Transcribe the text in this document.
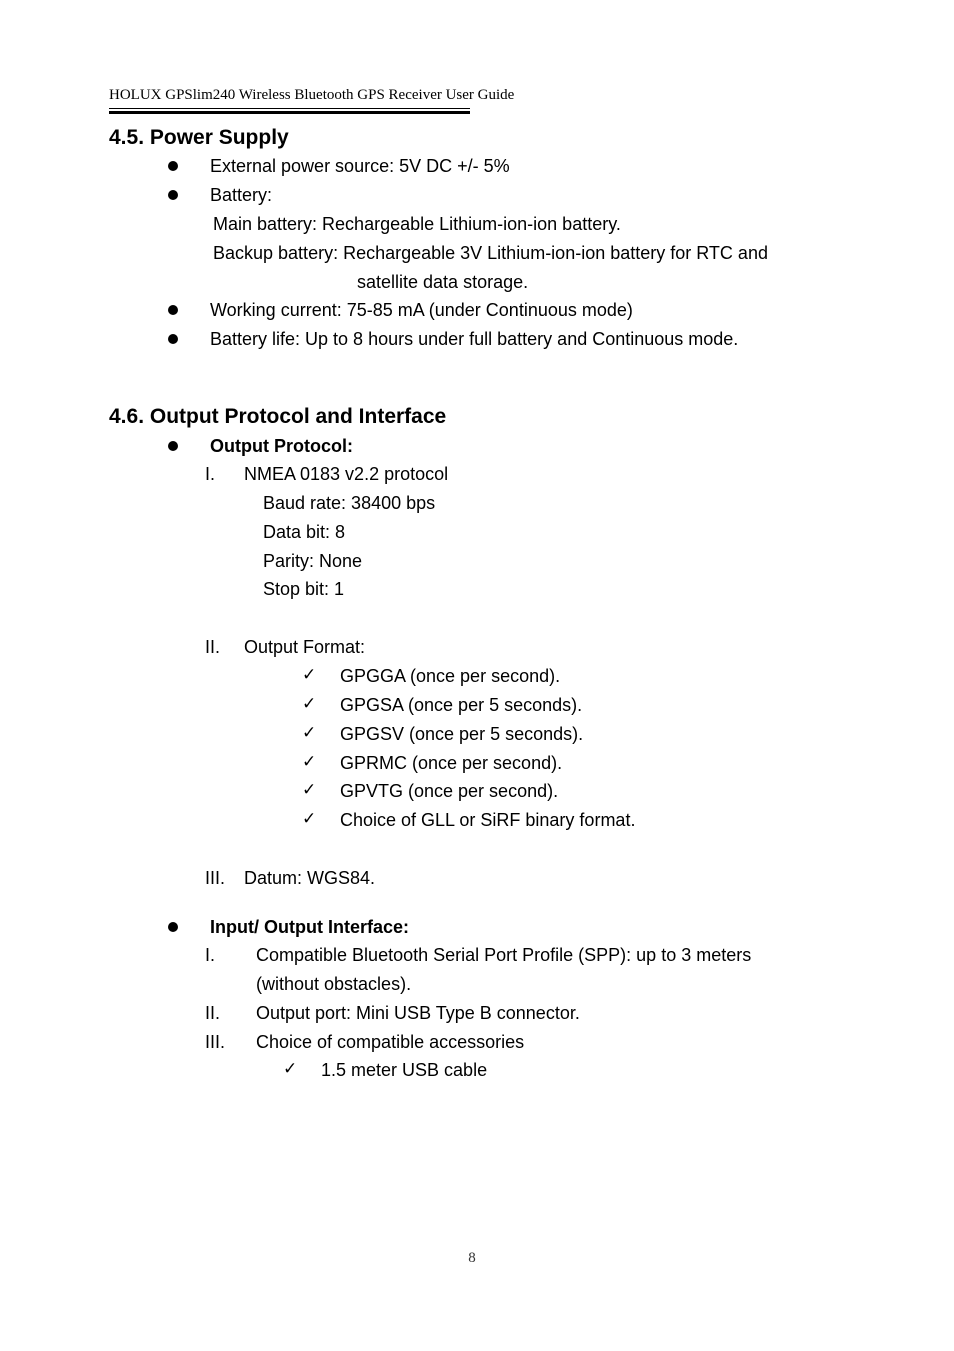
HOLUX GPSlim240 Wireless Bluetooth GPS Receiver User Guide
4.5. Power Supply
External power source: 5V DC +/- 5%
Battery:
Main battery: Rechargeable Lithium-ion-ion battery.
Backup battery: Rechargeable 3V Lithium-ion-ion battery for RTC and
satellite data storage.
Working current: 75-85 mA (under Continuous mode)
Battery life: Up to 8 hours under full battery and Continuous mode.
4.6. Output Protocol and Interface
Output Protocol:
I. NMEA 0183 v2.2 protocol
Baud rate: 38400 bps
Data bit: 8
Parity: None
Stop bit: 1
II. Output Format:
✓ GPGGA (once per second).
✓ GPGSA (once per 5 seconds).
✓ GPGSV (once per 5 seconds).
✓ GPRMC (once per second).
✓ GPVTG (once per second).
✓ Choice of GLL or SiRF binary format.
III. Datum: WGS84.
Input/ Output Interface:
I. Compatible Bluetooth Serial Port Profile (SPP): up to 3 meters
(without obstacles).
II. Output port: Mini USB Type B connector.
III. Choice of compatible accessories
✓ 1.5 meter USB cable
8
